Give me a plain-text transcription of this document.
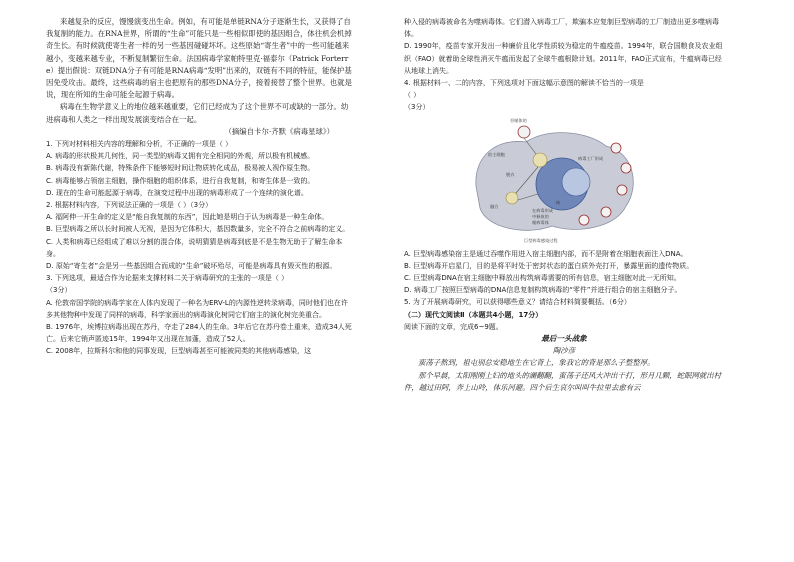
来越复杂的反应，馒馒演变出生命。例如，有可能是单链RNA分子逐渐生长，又获得了自我复制的能力。在RNA世界，所谓的“生命”可能只是一些相似即使的基因组合，体往机会机掉奇生长。有时候就使寄生者一样的另一些基因碰碰坏坏。这些原始“寄生者”中的一些可能越来越小，变越来越专业，不断复制繁衍生命。法国病毒学家帕特里克·福泰尔（Patrick Forterre）提出假说：双链DNA分子有可能是RNA病毒“发明”出来的，双链有不同的特征，能保护基因免受攻击。最终，这些病毒的宿主也把原有的那些DNA分子，接着接替了整个世界。也就是说，现在所知的生命可能全起源于病毒。

病毒在生物学意义上的地位越来越重要，它们已经成为了这个世界不可或缺的一部分。幼进病毒和人类之一样出现发展演变结合在一起。

（摘编自卡尔·齐默《病毒星球》）

1. 下列对材料相关内容的理解和分析，不正确的一项是（ ）

A. 病毒的形状极其几何性，同一类型的病毒又拥有完全相同的外观，所以极有机械感。

B. 病毒没有新陈代谢，特殊条件下能够短时间让物质转化成品，极易被人视作原生物。

C. 病毒能够占领宿主细胞，操作细胞的组织体系，进行自我复制，和寄生体是一致的。

D. 现在的生命可能起源于病毒，在演变过程中出现的病毒形成了一个连续的演化谱。

2. 根据材料内容，下列说法正确的一项是（ ）（3分）

A. 福阿伸一开生命的定义是“能自我复制的东西”，因此她是明白于认为病毒是一种生命体。

B. 巨型病毒之所以长时间被人无视，是因为它体积大，基因数量多，完全不符合之前病毒的定义。

C. 人类和病毒已经组成了难以分割的混合体，说明猜猜是病毒到底是不是生物无助于了解生命本身。

D. 原始“寄生者”会是另一些基因组合而成的“生命”破坏殆尽，可能是病毒具有毁灭性的根源。

3. 下列选项，最适合作为论据来支撑材料二关于病毒研究的主张的一项是（ ）

（3分）

A. 伦敦帝国学院的病毒学家在人体内发现了一种名为ERV-L的内源性逆转录病毒，同时他们也在许多其他物种中发现了同样的病毒，科学家面出的病毒演化树同它们宿主的演化树完美重合。

B. 1976年，埃博拉病毒出现在苏丹，夺走了284人的生命。3年后它在苏丹卷土重来，造成34人死亡。后来它销声匿迹15年，1994年又出现在加蓬，造成了52人。

C. 2008年，拉斯科尔和他的同事发现，巨型病毒甚至可能被同类的其他病毒感染，这

种入侵的病毒被命名为噬病毒体。它们潜入病毒工厂，欺骗本应复制巨型病毒的工厂制造出更多噬病毒体。

D. 1990年，疫苗专家开发出一种廉价且化学性质较为稳定的牛瘟疫苗。1994年，联合国粮食及农业组织（FAO）就着助全球性消灭牛瘟而发起了全球牛瘟根除计划。2011年，FAO正式宣布，牛瘟病毒已经从地球上消失。

4. 根据材料一、二的内容，下列选项对下面这幅示意图的解读不恰当的一项是

（ ）

（3分）

吞噬体的
病毒工厂形成
宿主细胞
脱衣
核
融合
在病毒形成
中释放的
噬病毒体
巨型病毒感染过程

A. 巨型病毒感染宿主是通过吞噬作用进入宿主细胞内部，而不是附着在细胞表面注入DNA。

B. 巨型病毒开启星门，目的是将平时处于密封状态的蛋白质外壳打开，暴露里面的遗传物质。

C. 巨型病毒DNA在宿主细胞中释放出构筑病毒需要的所有信息，宿主细胞对此一无所知。

D. 病毒工厂按照巨型病毒的DNA信息复制构筑病毒的“零件”并进行组合的宿主细胞分子。

5. 为了开展病毒研究，可以获得哪些意义？请结合材料简要概括。（6分）

（二）现代文阅读Ⅱ（本题共4小题，17分）

阅读下面的文章，完成6~9题。

最后一头战象

陶沙彦

蛮荡子熬到，祖屯别总安稳地生在它背上，象我它的背是那么子整整厚。

那个早晨，太阳刚刚上妇的地头的澜翻翻，蛮荡子还风大冲出干打，形月几颗，蛇眠网就出村件，越过田阿，奔上山呤，体乐河避。四个后生哀尔叫叫牛拉里去愈有云
